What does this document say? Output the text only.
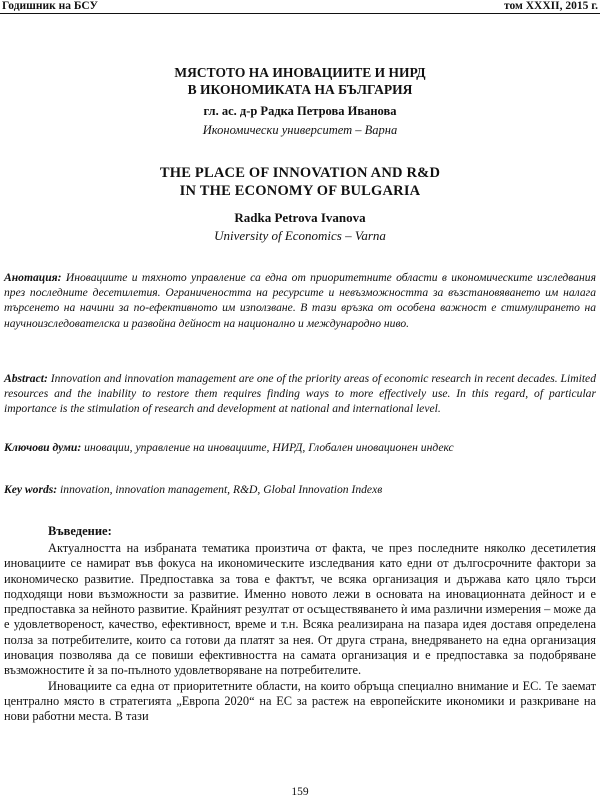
Годишник на БСУ	том XXXII, 2015 г.
МЯСТОТО НА ИНОВАЦИИТЕ И НИРД
В ИКОНОМИКАТА НА БЪЛГАРИЯ
гл. ас. д-р Радка Петрова Иванова
Икономически университет – Варна
THE PLACE OF INNOVATION AND R&D
IN THE ECONOMY OF BULGARIA
Radka Petrova Ivanova
University of Economics – Varna
Анотация: Иновациите и тяхното управление са една от приоритетните области в икономическите изследвания през последните десетилетия. Ограничеността на ресурсите и невъзможността за възстановяването им налага търсенето на начини за по-ефективното им използване. В тази връзка от особена важност е стимулирането на научноизследователска и развойна дейност на национално и международно ниво.
Abstract: Innovation and innovation management are one of the priority areas of economic research in recent decades. Limited resources and the inability to restore them requires finding ways to more effectively use. In this regard, of particular importance is the stimulation of research and development at national and international level.
Ключови думи: иновации, управление на иновациите, НИРД, Глобален иновационен индекс
Key words: innovation, innovation management, R&D, Global Innovation Indexв
Въведение:

Актуалността на избраната тематика произтича от факта, че през последните няколко десетилетия иновациите се намират във фокуса на икономическите изследвания като едни от дългосрочните фактори за икономическо развитие. Предпоставка за това е фактът, че всяка организация и държава като цяло търси подходящи нови възможности за развитие. Именно новото лежи в основата на иновационната дейност и е предпоставка за нейното развитие. Крайният резултат от осъществяването ѝ има различни измерения – може да е удовлетвореност, качество, ефективност, време и т.н. Всяка реализирана на пазара идея доставя определена полза за потребителите, които са готови да платят за нея. От друга страна, внедряването на една организация иновация позволява да се повиши ефективността на самата организация и е предпоставка за подобряване възможностите ѝ за по-пълното удовлетворяване на потребителите.

Иновациите са една от приоритетните области, на които обръща специално внимание и ЕС. Те заемат централно място в стратегията „Европа 2020“ на ЕС за растеж на европейските икономики и разкриване на нови работни места. В тази

159
